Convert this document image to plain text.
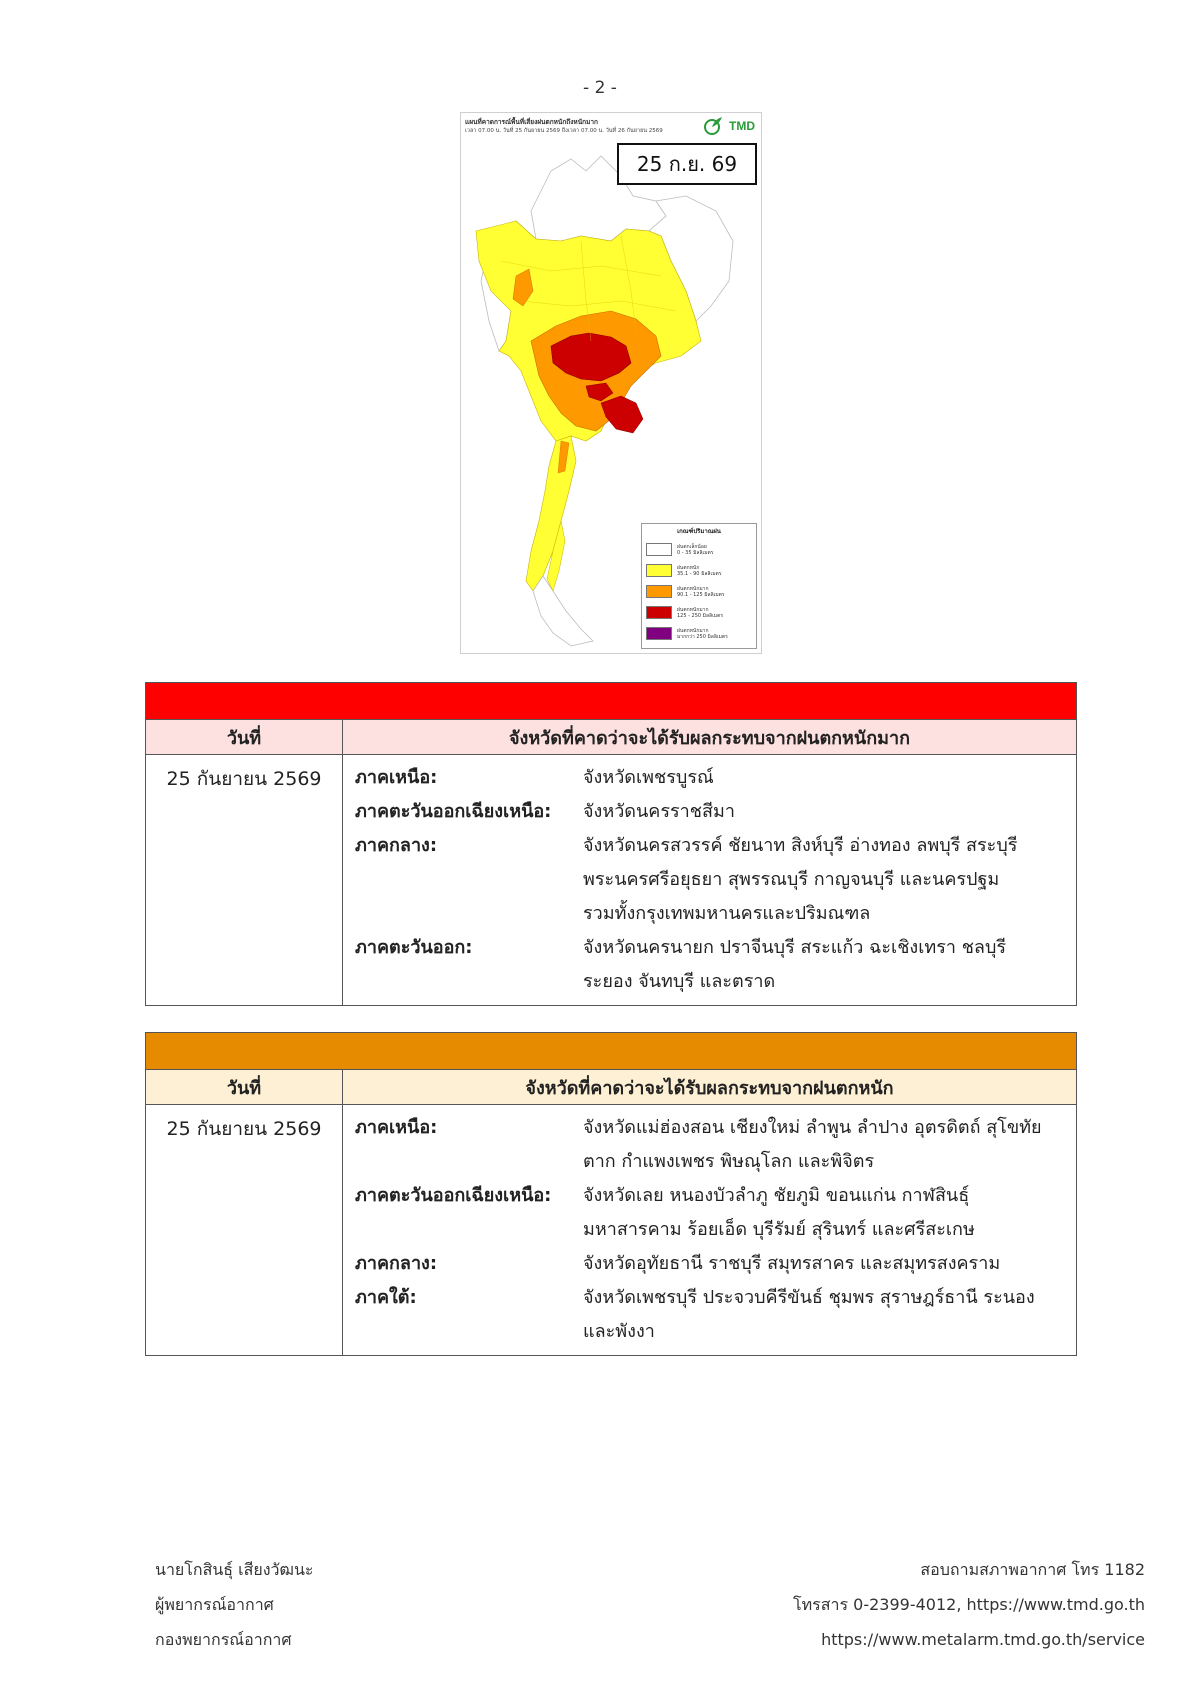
- 2 -
แผนที่คาดการณ์พื้นที่เสี่ยงฝนตกหนักถึงหนักมาก
เวลา 07.00 น. วันที่ 25 กันยายน 2569 ถึงเวลา 07.00 น. วันที่ 26 กันยายน 2569	TMD
25 ก.ย. 69
เกณฑ์ปริมาณฝน
ฝนตกเล็กน้อย
0 - 35 มิลลิเมตร
ฝนตกหนัก
35.1 - 90 มิลลิเมตร
ฝนตกหนักมาก
90.1 - 125 มิลลิเมตร
ฝนตกหนักมาก
125 - 250 มิลลิเมตร
ฝนตกหนักมาก
มากกว่า 250 มิลลิเมตร
วันที่	จังหวัดที่คาดว่าจะได้รับผลกระทบจากฝนตกหนักมาก
25 กันยายน 2569	ภาคเหนือ:	จังหวัดเพชรบูรณ์
ภาคตะวันออกเฉียงเหนือ:	จังหวัดนครราชสีมา
ภาคกลาง:	จังหวัดนครสวรรค์ ชัยนาท สิงห์บุรี อ่างทอง ลพบุรี สระบุรี
พระนครศรีอยุธยา สุพรรณบุรี กาญจนบุรี และนครปฐม
รวมทั้งกรุงเทพมหานครและปริมณฑล
ภาคตะวันออก:	จังหวัดนครนายก ปราจีนบุรี สระแก้ว ฉะเชิงเทรา ชลบุรี
ระยอง จันทบุรี และตราด
วันที่	จังหวัดที่คาดว่าจะได้รับผลกระทบจากฝนตกหนัก
25 กันยายน 2569	ภาคเหนือ:	จังหวัดแม่ฮ่องสอน เชียงใหม่ ลำพูน ลำปาง อุตรดิตถ์ สุโขทัย
ตาก กำแพงเพชร พิษณุโลก และพิจิตร
ภาคตะวันออกเฉียงเหนือ:	จังหวัดเลย หนองบัวลำภู ชัยภูมิ ขอนแก่น กาฬสินธุ์
มหาสารคาม ร้อยเอ็ด บุรีรัมย์ สุรินทร์ และศรีสะเกษ
ภาคกลาง:	จังหวัดอุทัยธานี ราชบุรี สมุทรสาคร และสมุทรสงคราม
ภาคใต้:	จังหวัดเพชรบุรี ประจวบคีรีขันธ์ ชุมพร สุราษฎร์ธานี ระนอง
และพังงา
นายโกสินธุ์ เสียงวัฒนะ
ผู้พยากรณ์อากาศ
กองพยากรณ์อากาศ
สอบถามสภาพอากาศ โทร 1182
โทรสาร 0-2399-4012, https://www.tmd.go.th
https://www.metalarm.tmd.go.th/service
